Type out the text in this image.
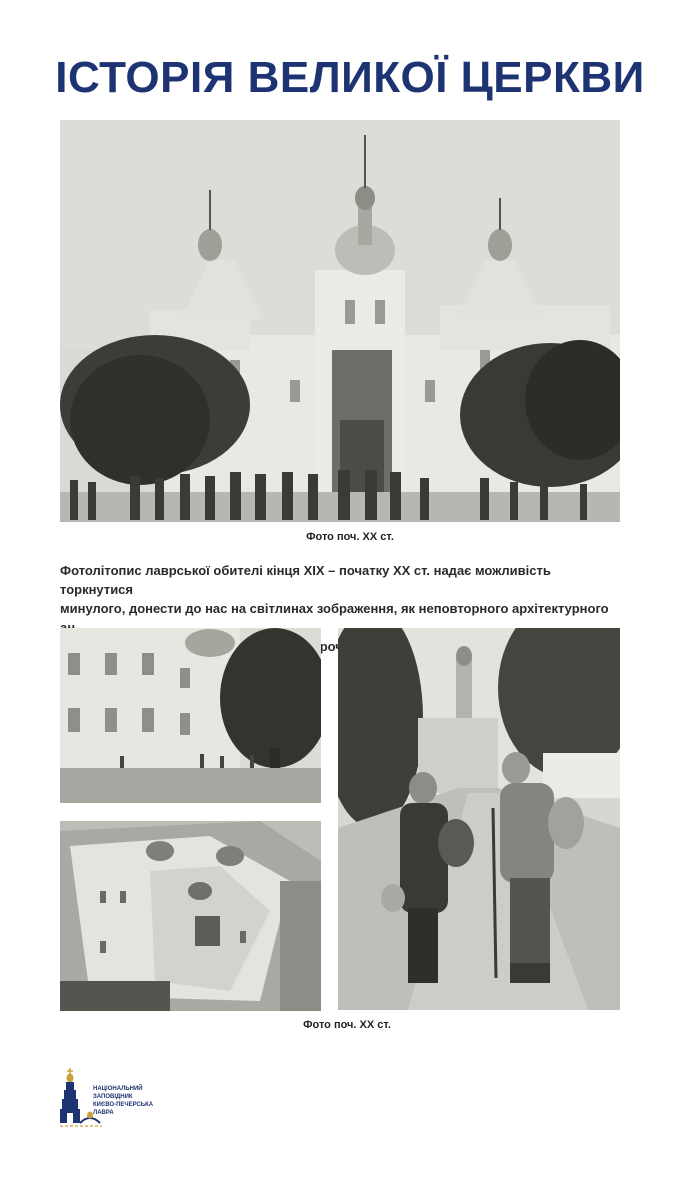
ІСТОРІЯ ВЕЛИКОЇ ЦЕРКВИ
Фото поч. ХХ ст.
Фотолітопис лаврської обителі кінця XIX – початку ХХ ст. надає можливість торкнутися
минулого, донести до нас на світлинах зображення, як неповторного архітектурного
прочан.
Фото поч. ХХ ст.
НАЦІОНАЛЬНИЙ
ЗАПОВІДНИК
КИЄВО-ПЕЧЕРСЬКА
ЛАВРА
